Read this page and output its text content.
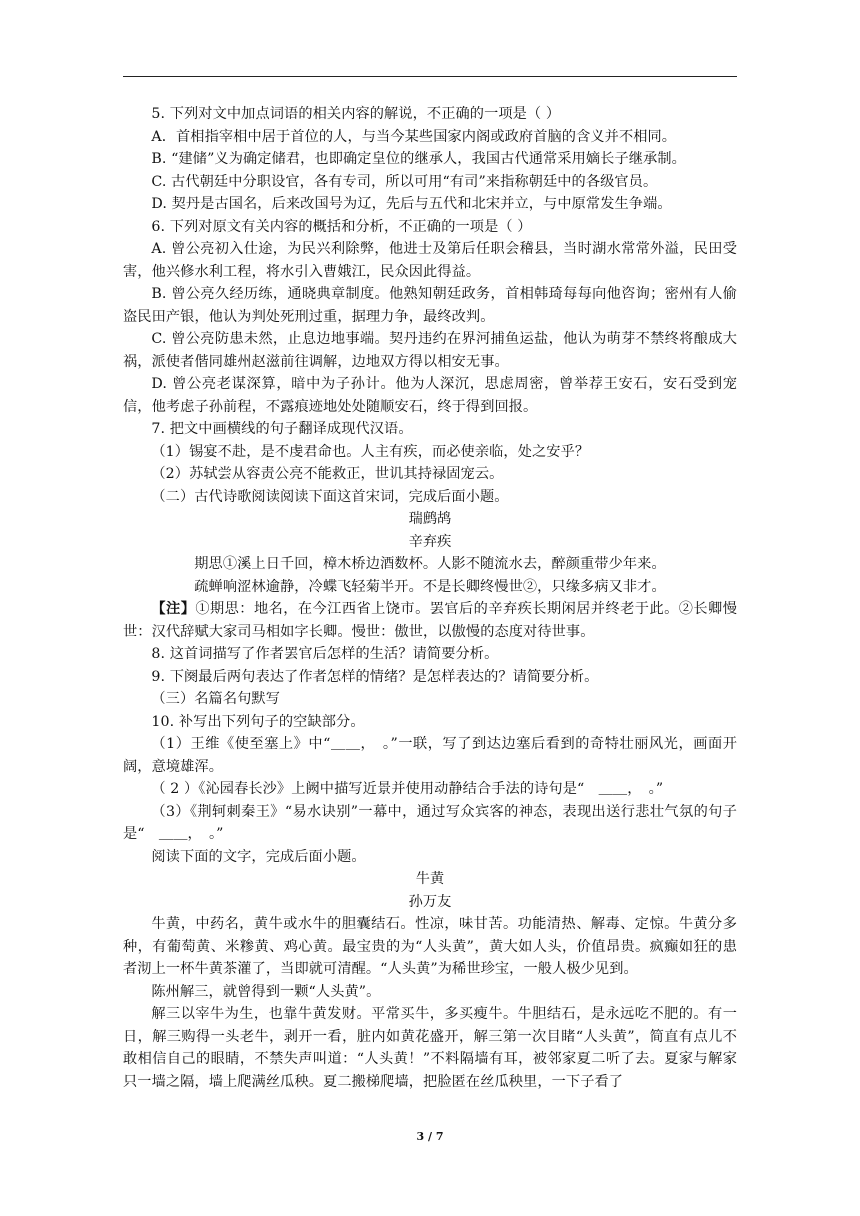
5. 下列对文中加点词语的相关内容的解说，不正确的一项是（ ）

A．首相指宰相中居于首位的人，与当今某些国家内阁或政府首脑的含义并不相同。

B. “建储”义为确定储君，也即确定皇位的继承人，我国古代通常采用嫡长子继承制。

C. 古代朝廷中分职设官，各有专司，所以可用“有司”来指称朝廷中的各级官员。

D. 契丹是古国名，后来改国号为辽，先后与五代和北宋并立，与中原常发生争端。

6. 下列对原文有关内容的概括和分析，不正确的一项是（ ）

A. 曾公亮初入仕途，为民兴利除弊，他进士及第后任职会稽县，当时湖水常常外溢，民田受害，他兴修水利工程，将水引入曹娥江，民众因此得益。

B. 曾公亮久经历练，通晓典章制度。他熟知朝廷政务，首相韩琦每每向他咨询；密州有人偷盗民田产银，他认为判处死刑过重，据理力争，最终改判。

C. 曾公亮防患未然，止息边地事端。契丹违约在界河捕鱼运盐，他认为萌芽不禁终将酿成大祸，派使者偕同雄州赵滋前往调解，边地双方得以相安无事。

D. 曾公亮老谋深算，暗中为子孙计。他为人深沉，思虑周密，曾举荐王安石，安石受到宠信，他考虑子孙前程，不露痕迹地处处随顺安石，终于得到回报。

7. 把文中画横线的句子翻译成现代汉语。

（1）锡宴不赴，是不虔君命也。人主有疾，而必使亲临，处之安乎？

（2）苏轼尝从容责公亮不能救正，世讥其持禄固宠云。

（二）古代诗歌阅读阅读下面这首宋词，完成后面小题。

瑞鹧鸪

辛弃疾

期思①溪上日千回，樟木桥边酒数杯。人影不随流水去，醉颜重带少年来。

疏蝉响涩林逾静，冷蝶飞轻菊半开。不是长卿终慢世②，只缘多病又非才。

【注】①期思：地名，在今江西省上饶市。罢官后的辛弃疾长期闲居并终老于此。②长卿慢世：汉代辞赋大家司马相如字长卿。慢世：傲世，以傲慢的态度对待世事。

8. 这首词描写了作者罢官后怎样的生活？请简要分析。

9. 下阕最后两句表达了作者怎样的情绪？是怎样表达的？请简要分析。

（三）名篇名句默写

10. 补写出下列句子的空缺部分。

（1）王维《使至塞上》中“＿＿，　。”一联，写了到达边塞后看到的奇特壮丽风光，画面开阔，意境雄浑。

（ 2 ）《沁园春长沙》上阙中描写近景并使用动静结合手法的诗句是“　＿＿，　。”

（3）《荆轲刺秦王》“易水诀别”一幕中，通过写众宾客的神态，表现出送行悲壮气氛的句子是“　＿＿，　。”

阅读下面的文字，完成后面小题。

牛黄

孙万友

牛黄，中药名，黄牛或水牛的胆囊结石。性凉，味甘苦。功能清热、解毒、定惊。牛黄分多种，有葡萄黄、米糁黄、鸡心黄。最宝贵的为“人头黄”，黄大如人头，价值昂贵。疯癫如狂的患者沏上一杯牛黄茶灌了，当即就可清醒。“人头黄”为稀世珍宝，一般人极少见到。

陈州解三，就曾得到一颗“人头黄”。

解三以宰牛为生，也靠牛黄发财。平常买牛，多买瘦牛。牛胆结石，是永远吃不肥的。有一日，解三购得一头老牛，剥开一看，脏内如黄花盛开，解三第一次目睹“人头黄”，简直有点儿不敢相信自己的眼睛，不禁失声叫道：“人头黄！”不料隔墙有耳，被邻家夏二听了去。夏家与解家只一墙之隔，墙上爬满丝瓜秧。夏二搬梯爬墙，把脸匿在丝瓜秧里，一下子看了

3 / 7
